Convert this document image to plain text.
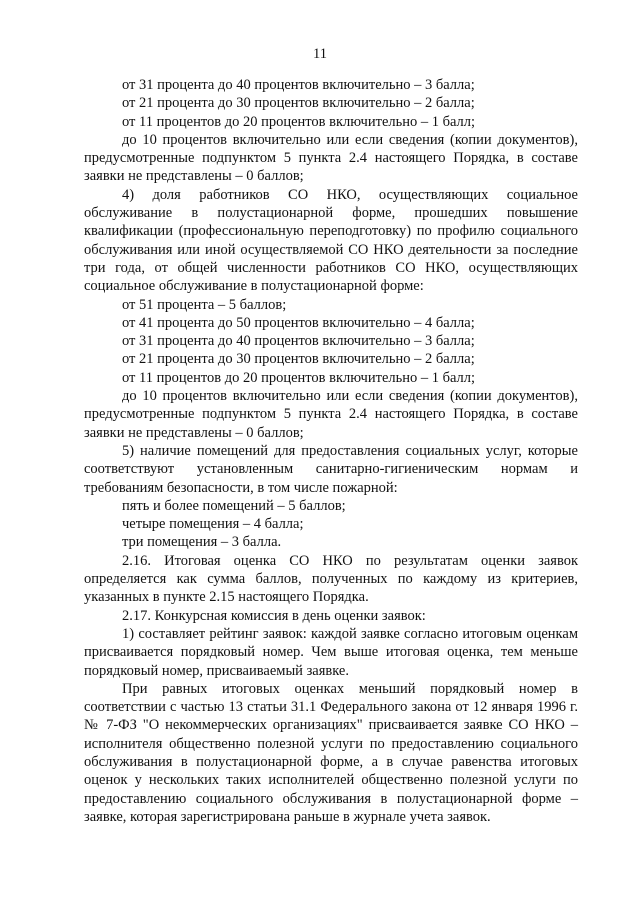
11

от 31 процента до 40 процентов включительно – 3 балла;

от 21 процента до 30 процентов включительно – 2 балла;

от 11 процентов до 20 процентов включительно – 1 балл;

до 10 процентов включительно или если сведения (копии документов), предусмотренные подпунктом 5 пункта 2.4 настоящего Порядка, в составе заявки не представлены – 0 баллов;

4) доля работников СО НКО, осуществляющих социальное обслуживание в полустационарной форме, прошедших повышение квалификации (профессиональную переподготовку) по профилю социального обслуживания или иной осуществляемой СО НКО деятельности за последние три года, от общей численности работников СО НКО, осуществляющих социальное обслуживание в полустационарной форме:

от 51 процента – 5 баллов;

от 41 процента до 50 процентов включительно – 4 балла;

от 31 процента до 40 процентов включительно – 3 балла;

от 21 процента до 30 процентов включительно – 2 балла;

от 11 процентов до 20 процентов включительно – 1 балл;

до 10 процентов включительно или если сведения (копии документов), предусмотренные подпунктом 5 пункта 2.4 настоящего Порядка, в составе заявки не представлены – 0 баллов;

5) наличие помещений для предоставления социальных услуг, которые соответствуют установленным санитарно-гигиеническим нормам и требованиям безопасности, в том числе пожарной:

пять и более помещений – 5 баллов;

четыре помещения – 4 балла;

три помещения – 3 балла.

2.16. Итоговая оценка СО НКО по результатам оценки заявок определяется как сумма баллов, полученных по каждому из критериев, указанных в пункте 2.15 настоящего Порядка.

2.17. Конкурсная комиссия в день оценки заявок:

1) составляет рейтинг заявок: каждой заявке согласно итоговым оценкам присваивается порядковый номер. Чем выше итоговая оценка, тем меньше порядковый номер, присваиваемый заявке.

При равных итоговых оценках меньший порядковый номер в соответствии с частью 13 статьи 31.1 Федерального закона от 12 января 1996 г. № 7-ФЗ "О некоммерческих организациях" присваивается заявке СО НКО – исполнителя общественно полезной услуги по предоставлению социального обслуживания в полустационарной форме, а в случае равенства итоговых оценок у нескольких таких исполнителей общественно полезной услуги по предоставлению социального обслуживания в полустационарной форме – заявке, которая зарегистрирована раньше в журнале учета заявок.
